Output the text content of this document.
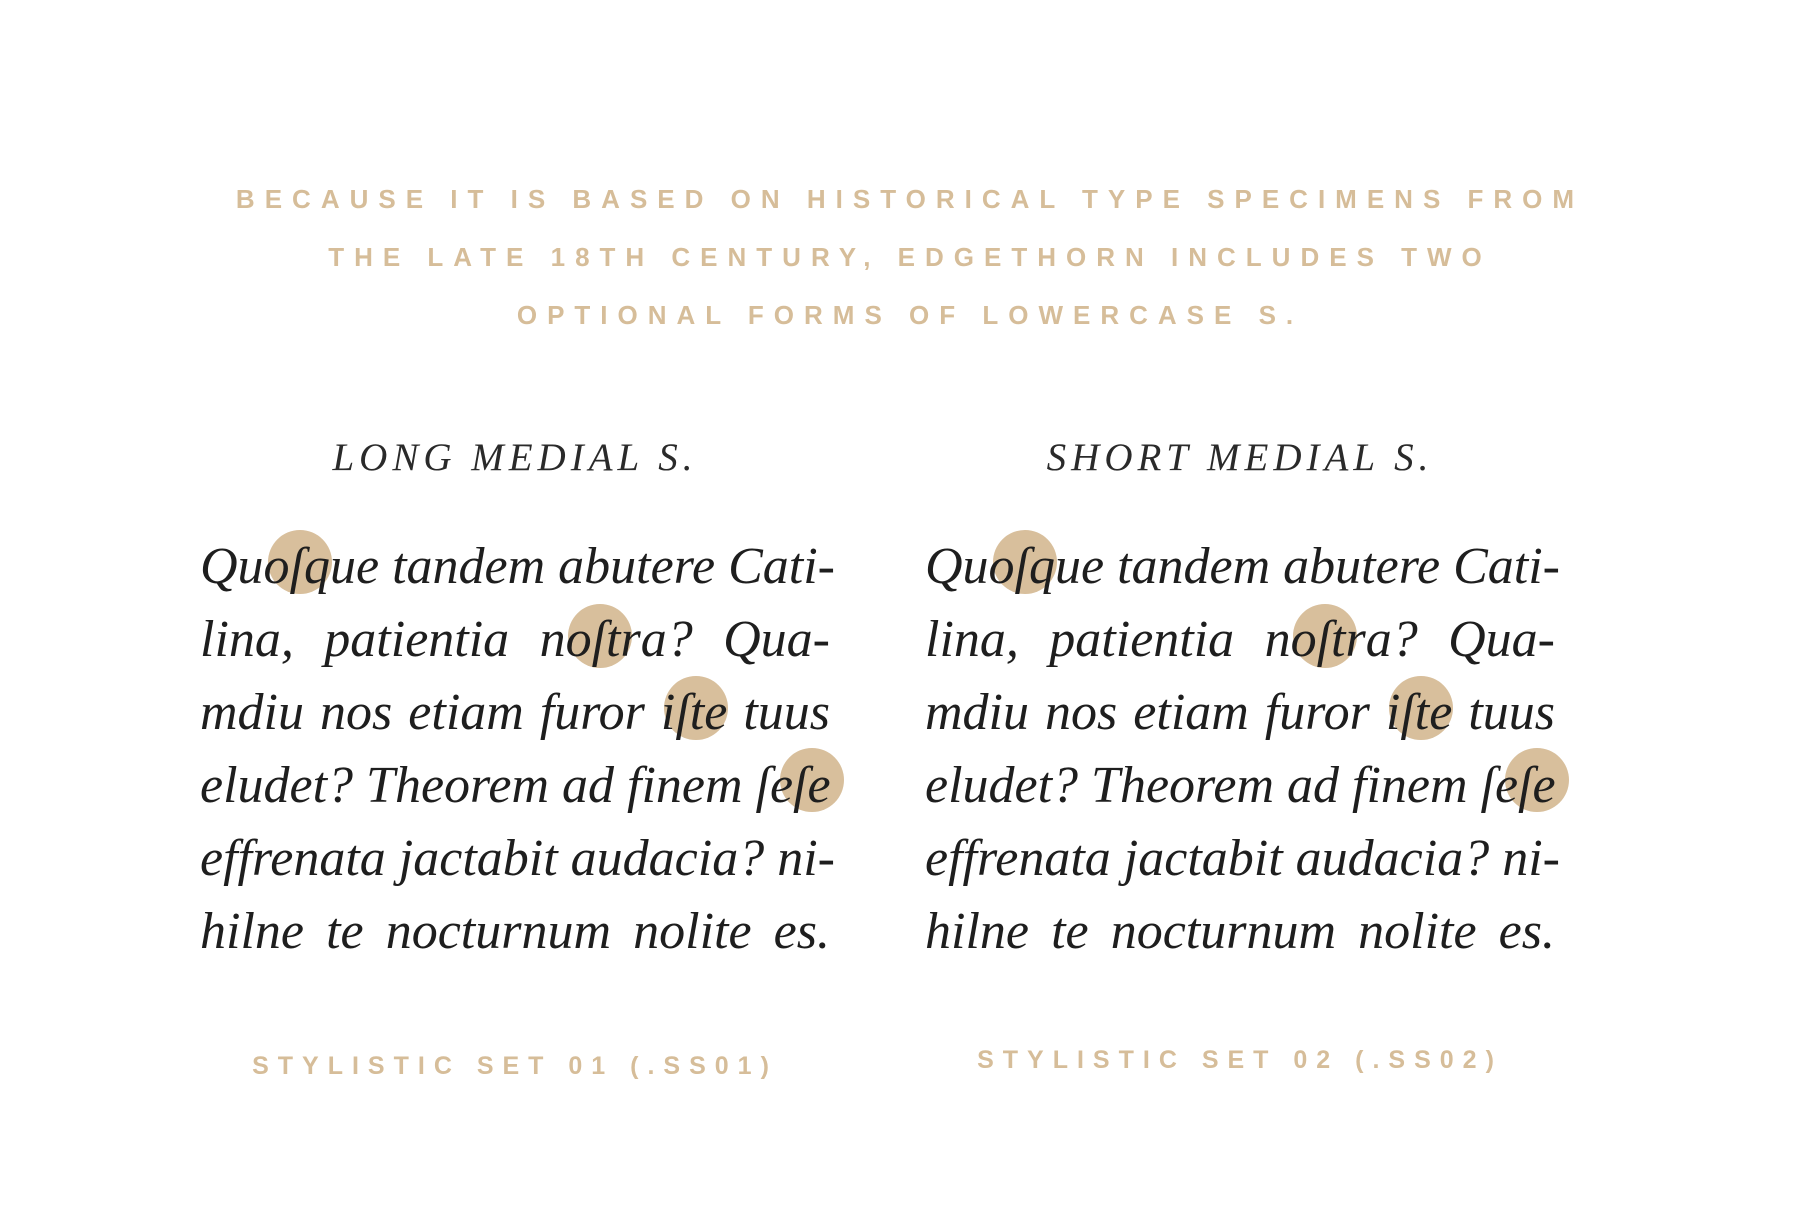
BECAUSE IT IS BASED ON HISTORICAL TYPE SPECIMENS FROM
THE LATE 18TH CENTURY, EDGETHORN INCLUDES TWO
OPTIONAL FORMS OF LOWERCASE S.
LONG MEDIAL S.
Quoſque tandem abutere Cati-
lina, patientia noſtra? Qua-
mdiu nos etiam furor iſte tuus
eludet? Theorem ad finem ſeſe
effrenata jactabit audacia? ni-
hilne te nocturnum nolite es.
SHORT MEDIAL S.
Quoſque tandem abutere Cati-
lina, patientia noſtra? Qua-
mdiu nos etiam furor iſte tuus
eludet? Theorem ad finem ſeſe
effrenata jactabit audacia? ni-
hilne te nocturnum nolite es.
STYLISTIC SET 01 (.SS01)	STYLISTIC SET 02 (.SS02)
